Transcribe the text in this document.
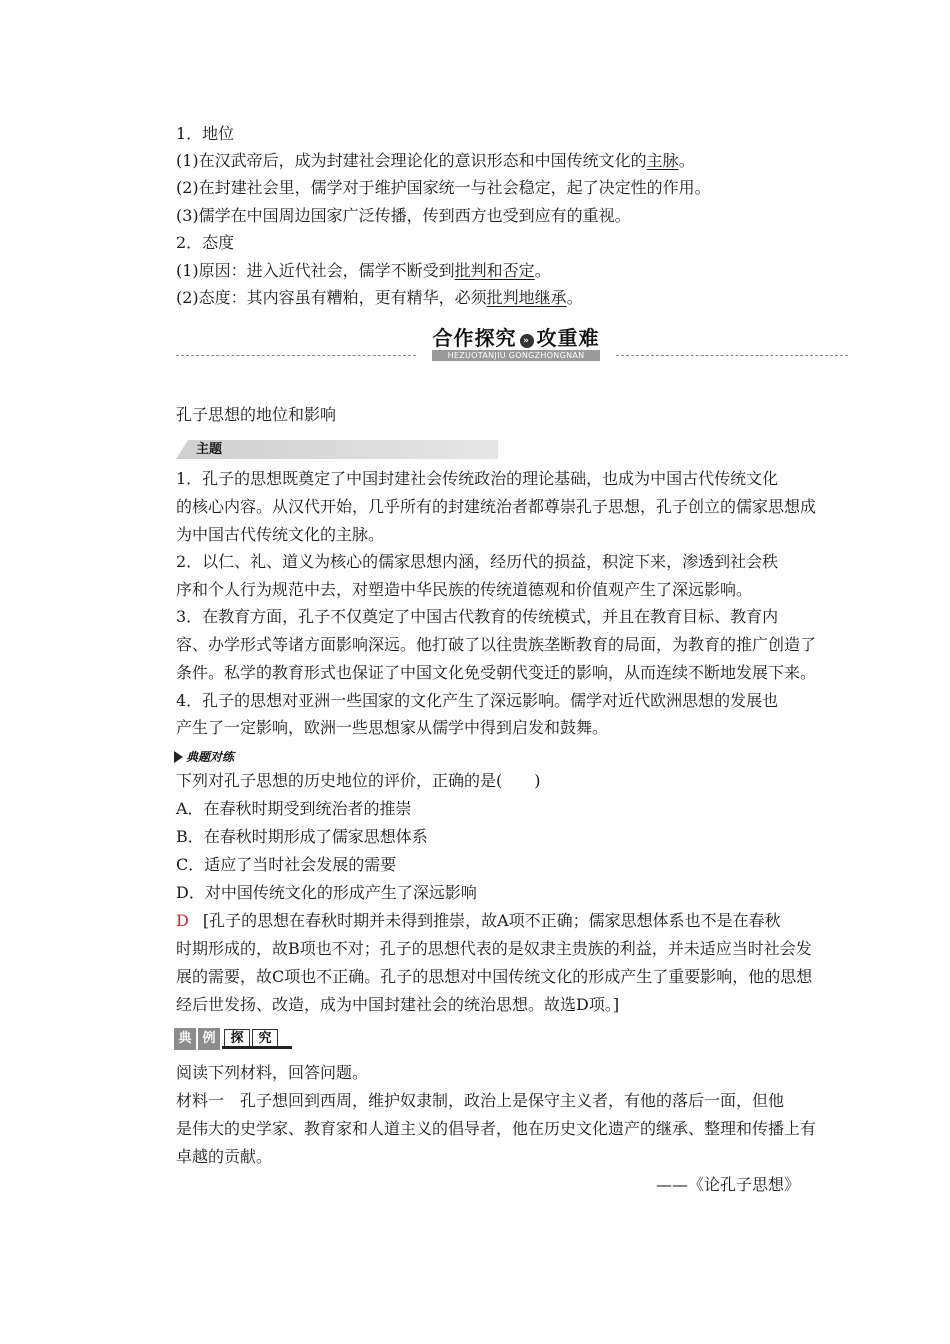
1．地位
(1)在汉武帝后，成为封建社会理论化的意识形态和中国传统文化的主脉。
(2)在封建社会里，儒学对于维护国家统一与社会稳定，起了决定性的作用。
(3)儒学在中国周边国家广泛传播，传到西方也受到应有的重视。
2．态度
(1)原因：进入近代社会，儒学不断受到批判和否定。
(2)态度：其内容虽有糟粕，更有精华，必须批判地继承。
合作探究 » 攻重难
HEZUOTANJIU GONGZHONGNAN
孔子思想的地位和影响
主题
1．孔子的思想既奠定了中国封建社会传统政治的理论基础，也成为中国古代传统文化
的核心内容。从汉代开始，几乎所有的封建统治者都尊崇孔子思想，孔子创立的儒家思想成
为中国古代传统文化的主脉。
2．以仁、礼、道义为核心的儒家思想内涵，经历代的损益，积淀下来，渗透到社会秩
序和个人行为规范中去，对塑造中华民族的传统道德观和价值观产生了深远影响。
3．在教育方面，孔子不仅奠定了中国古代教育的传统模式，并且在教育目标、教育内
容、办学形式等诸方面影响深远。他打破了以往贵族垄断教育的局面，为教育的推广创造了
条件。私学的教育形式也保证了中国文化免受朝代变迁的影响，从而连续不断地发展下来。
4．孔子的思想对亚洲一些国家的文化产生了深远影响。儒学对近代欧洲思想的发展也
产生了一定影响，欧洲一些思想家从儒学中得到启发和鼓舞。
典题对练
下列对孔子思想的历史地位的评价，正确的是(　　)
A．在春秋时期受到统治者的推崇
B．在春秋时期形成了儒家思想体系
C．适应了当时社会发展的需要
D．对中国传统文化的形成产生了深远影响
D [孔子的思想在春秋时期并未得到推崇，故A项不正确；儒家思想体系也不是在春秋
时期形成的，故B项也不对；孔子的思想代表的是奴隶主贵族的利益，并未适应当时社会发
展的需要，故C项也不正确。孔子的思想对中国传统文化的形成产生了重要影响，他的思想
经后世发扬、改造，成为中国封建社会的统治思想。故选D项。]
典 例	探	究
阅读下列材料，回答问题。
材料一　孔子想回到西周，维护奴隶制，政治上是保守主义者，有他的落后一面，但他
是伟大的史学家、教育家和人道主义的倡导者，他在历史文化遗产的继承、整理和传播上有
卓越的贡献。
——《论孔子思想》
